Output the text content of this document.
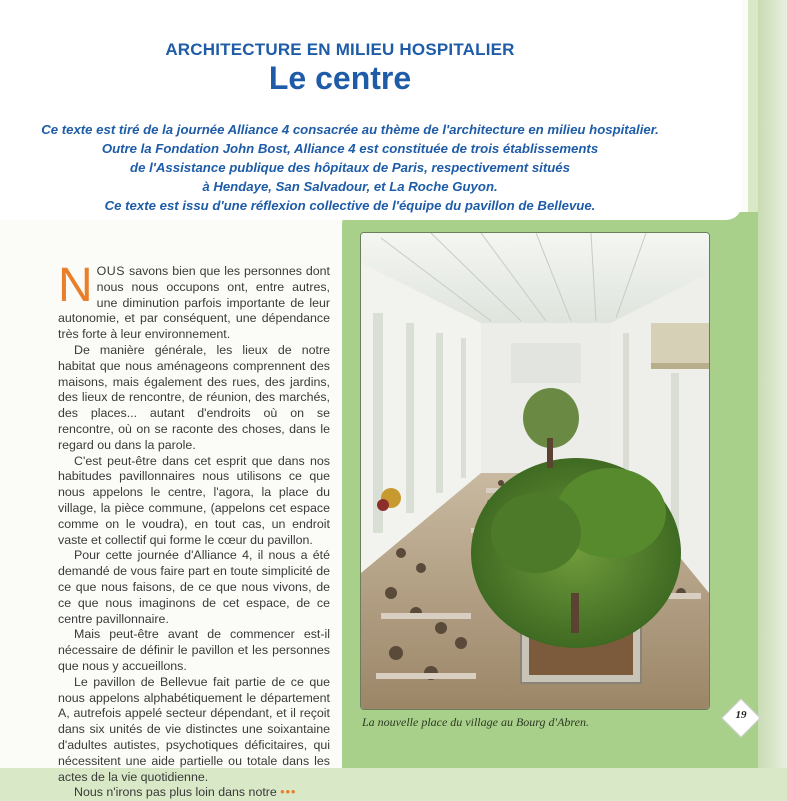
ARCHITECTURE EN MILIEU HOSPITALIER
Le centre
Ce texte est tiré de la journée Alliance 4 consacrée au thème de l'architecture en milieu hospitalier.
Outre la Fondation John Bost, Alliance 4 est constituée de trois établissements
de l'Assistance publique des hôpitaux de Paris, respectivement situés
à Hendaye, San Salvadour, et La Roche Guyon.
Ce texte est issu d'une réflexion collective de l'équipe du pavillon de Bellevue.

NOUS savons bien que les personnes dont nous nous occupons ont, entre autres, une diminution parfois importante de leur autonomie, et par conséquent, une dépendance très forte à leur environnement.

De manière générale, les lieux de notre habitat que nous aménageons comprennent des maisons, mais également des rues, des jardins, des lieux de rencontre, de réunion, des marchés, des places... autant d'endroits où on se rencontre, où on se raconte des choses, dans le regard ou dans la parole.

C'est peut-être dans cet esprit que dans nos habitudes pavillonnaires nous utilisons ce que nous appelons le centre, l'agora, la place du village, la pièce commune, (appelons cet espace comme on le voudra), en tout cas, un endroit vaste et collectif qui forme le cœur du pavillon.

Pour cette journée d'Alliance 4, il nous a été demandé de vous faire part en toute simplicité de ce que nous faisons, de ce que nous vivons, de ce que nous imaginons de cet espace, de ce centre pavillonnaire.

Mais peut-être avant de commencer est-il nécessaire de définir le pavillon et les personnes que nous y accueillons.

Le pavillon de Bellevue fait partie de ce que nous appelons alphabétiquement le département A, autrefois appelé secteur dépendant, et il reçoit dans six unités de vie distinctes une soixantaine d'adultes autistes, psychotiques déficitaires, qui nécessitent une aide partielle ou totale dans les actes de la vie quotidienne.

Nous n'irons pas plus loin dans notre •••

La nouvelle place du village au Bourg d'Abren.	19
